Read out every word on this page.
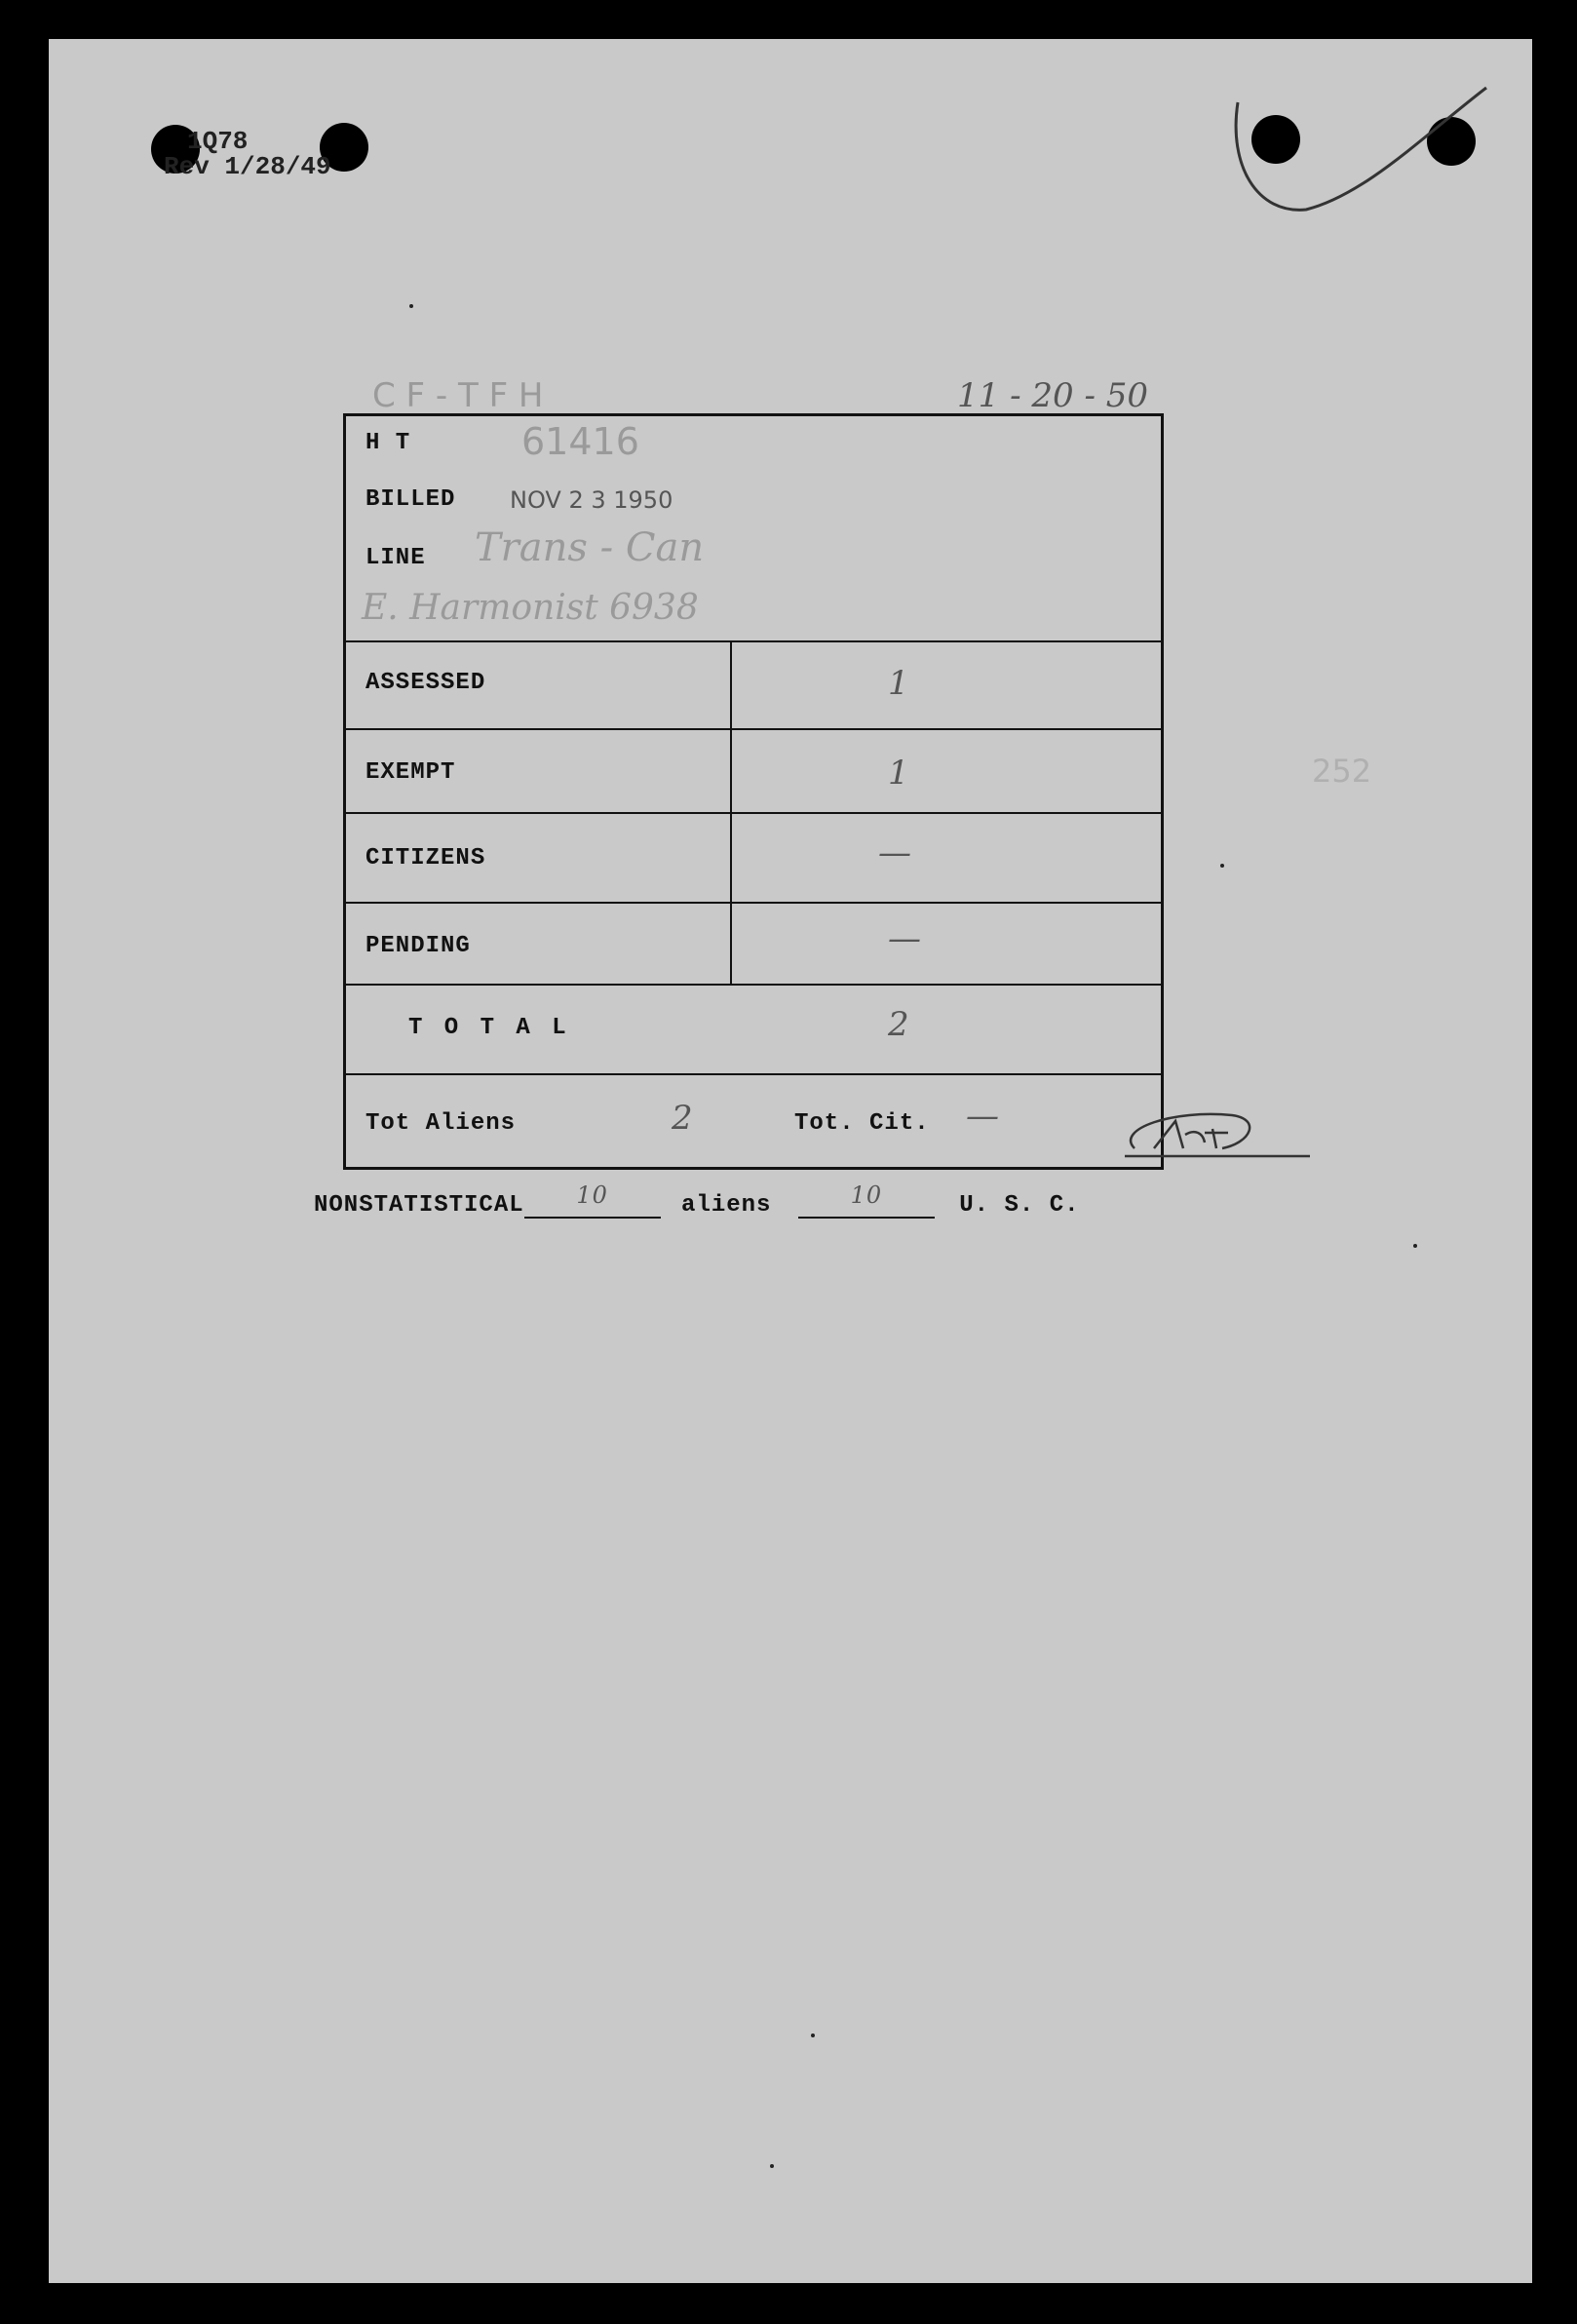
1Q78
Rev 1/28/49
C F - T F H	11 - 20 - 50
H T	61416
BILLED NOV 2 3 1950
LINE Trans - Can
E. Harmonist 6938
ASSESSED	1
EXEMPT	1
CITIZENS	—
PENDING	—
T O T A L	2
Tot Aliens	2	Tot. Cit. —
NONSTATISTICAL 10	aliens	10	U. S. C.
252
